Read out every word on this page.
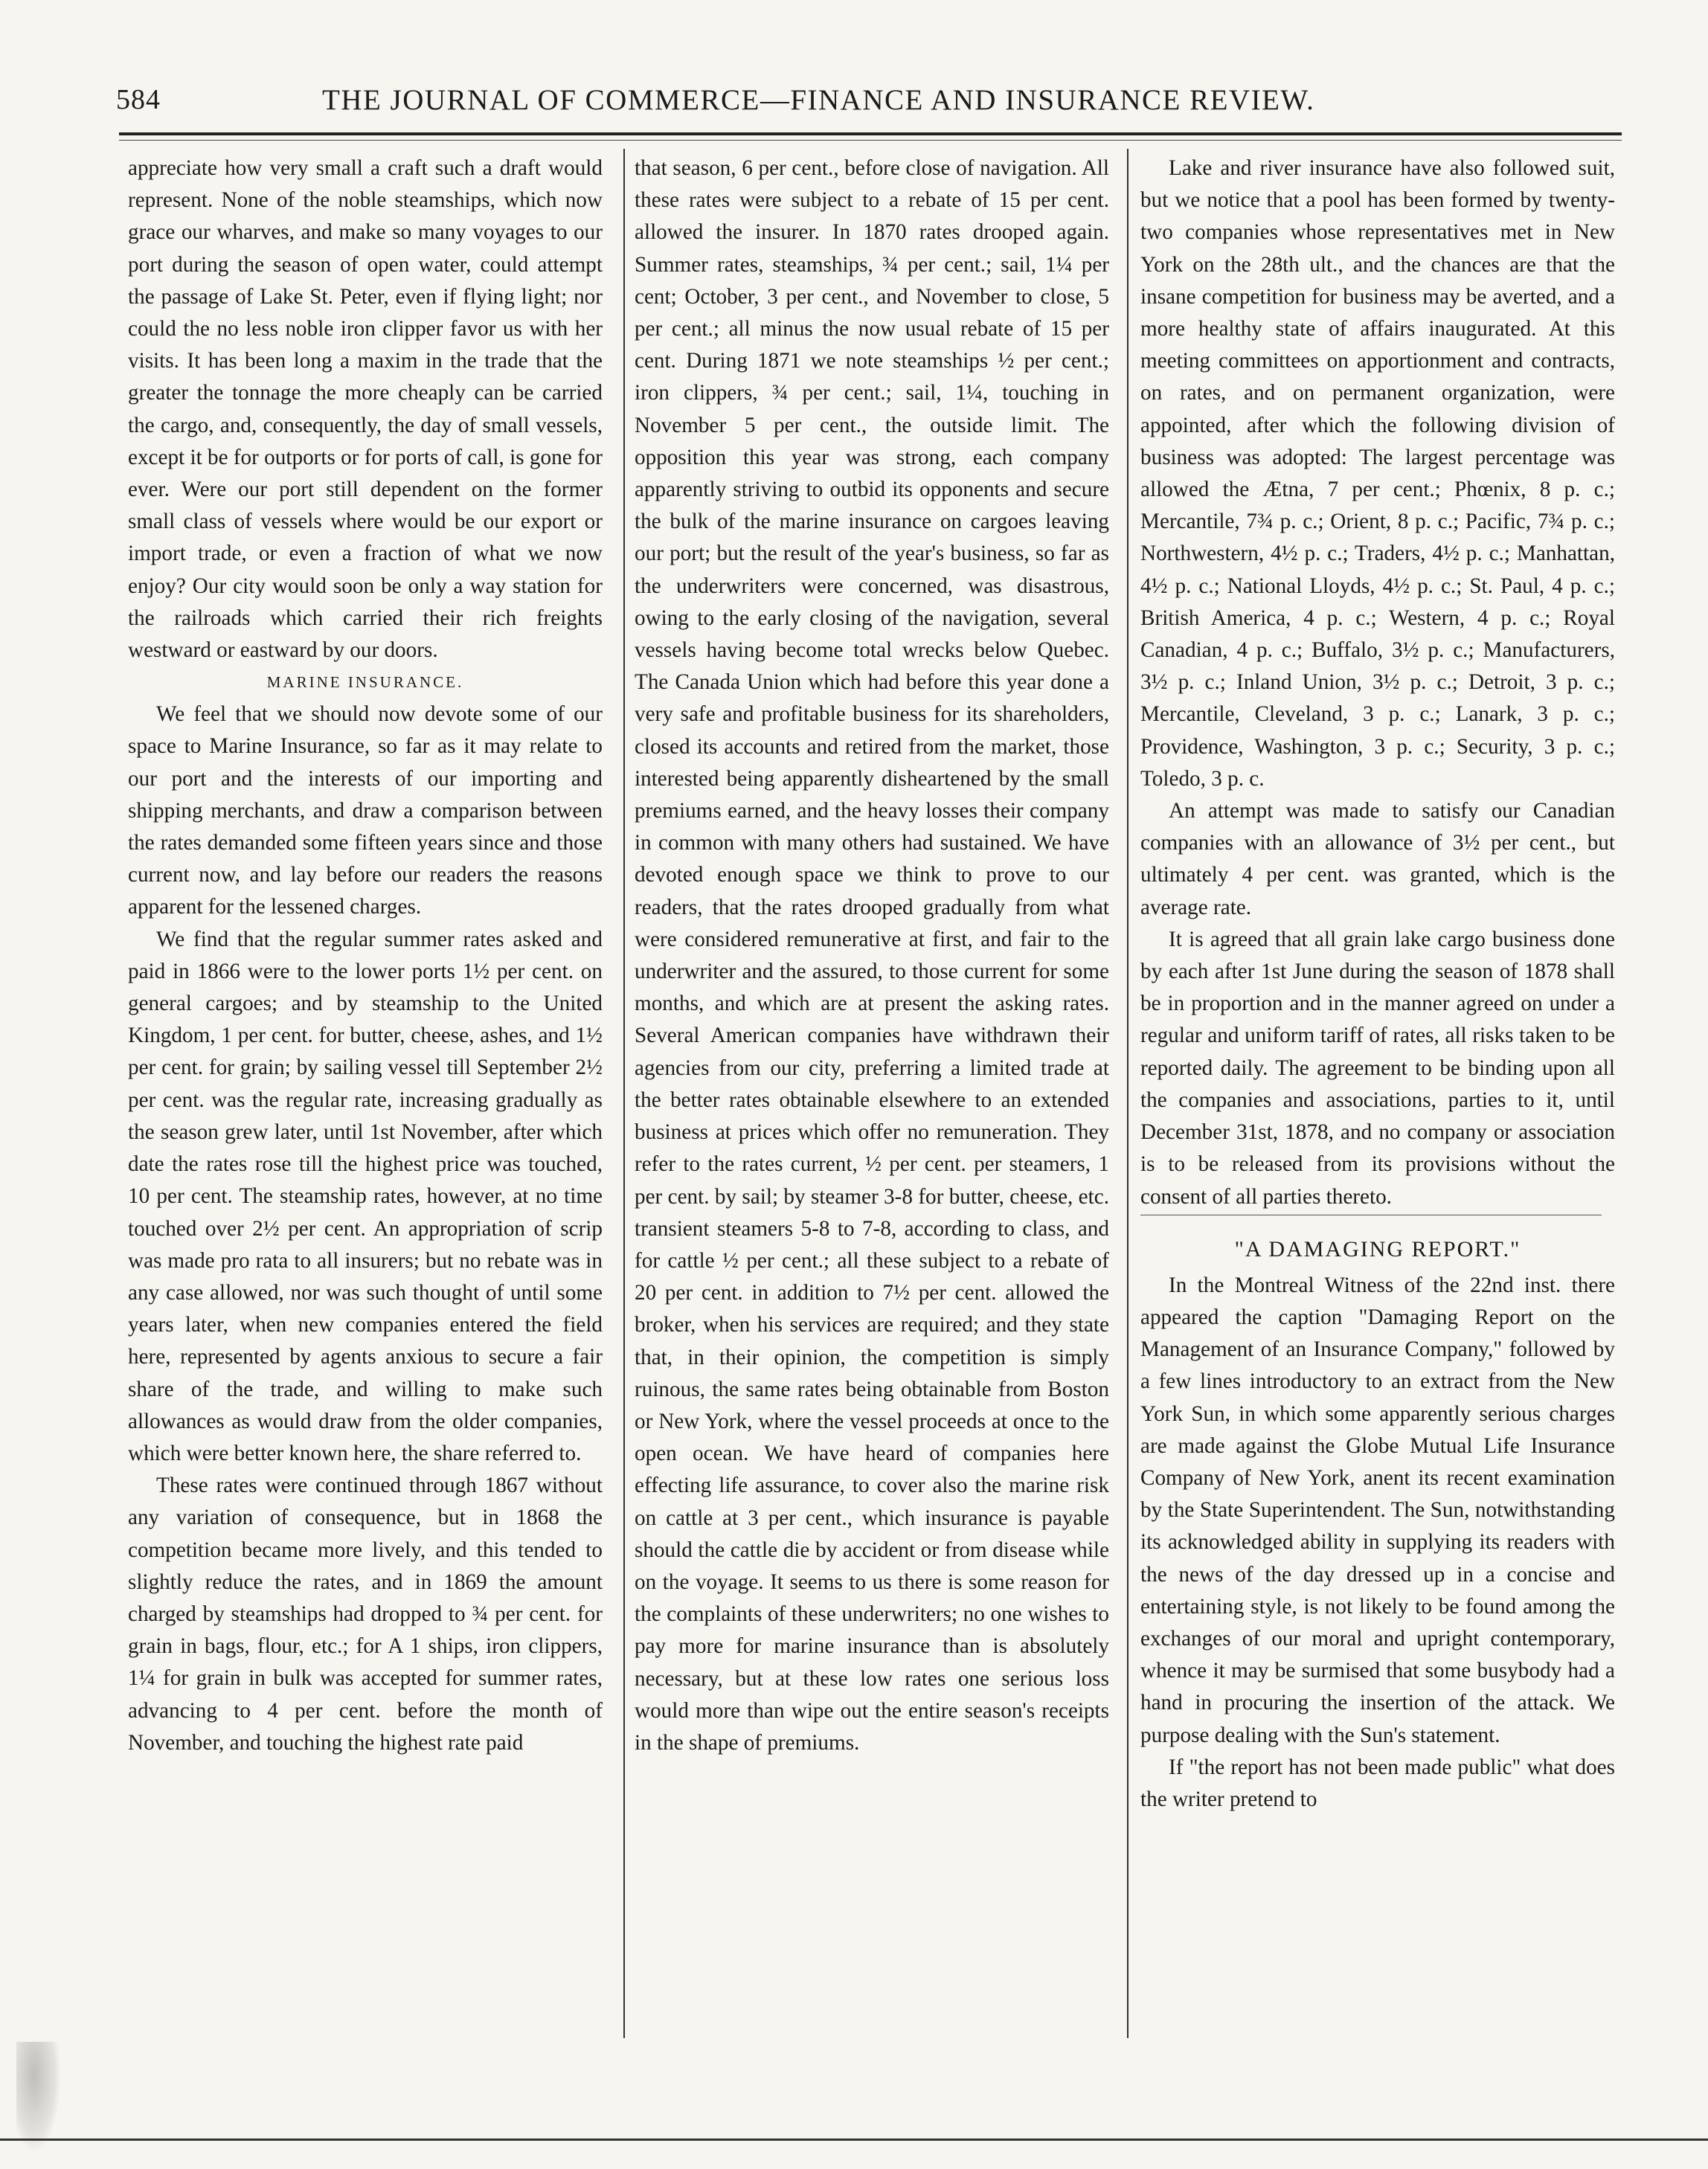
584	THE JOURNAL OF COMMERCE—FINANCE AND INSURANCE REVIEW.

appreciate how very small a craft such a draft would represent. None of the noble steamships, which now grace our wharves, and make so many voyages to our port during the season of open water, could attempt the passage of Lake St. Peter, even if flying light; nor could the no less noble iron clipper favor us with her visits. It has been long a maxim in the trade that the greater the tonnage the more cheaply can be carried the cargo, and, consequently, the day of small vessels, except it be for outports or for ports of call, is gone for ever. Were our port still dependent on the former small class of vessels where would be our export or import trade, or even a fraction of what we now enjoy? Our city would soon be only a way station for the railroads which carried their rich freights westward or eastward by our doors.

MARINE INSURANCE.

We feel that we should now devote some of our space to Marine Insurance, so far as it may relate to our port and the interests of our importing and shipping merchants, and draw a comparison between the rates demanded some fifteen years since and those current now, and lay before our readers the reasons apparent for the lessened charges.

We find that the regular summer rates asked and paid in 1866 were to the lower ports 1½ per cent. on general cargoes; and by steamship to the United Kingdom, 1 per cent. for butter, cheese, ashes, and 1½ per cent. for grain; by sailing vessel till September 2½ per cent. was the regular rate, increasing gradually as the season grew later, until 1st November, after which date the rates rose till the highest price was touched, 10 per cent. The steamship rates, however, at no time touched over 2½ per cent. An appropriation of scrip was made pro rata to all insurers; but no rebate was in any case allowed, nor was such thought of until some years later, when new companies entered the field here, represented by agents anxious to secure a fair share of the trade, and willing to make such allowances as would draw from the older companies, which were better known here, the share referred to.

These rates were continued through 1867 without any variation of consequence, but in 1868 the competition became more lively, and this tended to slightly reduce the rates, and in 1869 the amount charged by steamships had dropped to ¾ per cent. for grain in bags, flour, etc.; for A 1 ships, iron clippers, 1¼ for grain in bulk was accepted for summer rates, advancing to 4 per cent. before the month of November, and touching the highest rate paid

that season, 6 per cent., before close of navigation. All these rates were subject to a rebate of 15 per cent. allowed the insurer. In 1870 rates drooped again. Summer rates, steamships, ¾ per cent.; sail, 1¼ per cent; October, 3 per cent., and November to close, 5 per cent.; all minus the now usual rebate of 15 per cent. During 1871 we note steamships ½ per cent.; iron clippers, ¾ per cent.; sail, 1¼, touching in November 5 per cent., the outside limit. The opposition this year was strong, each company apparently striving to outbid its opponents and secure the bulk of the marine insurance on cargoes leaving our port; but the result of the year's business, so far as the underwriters were concerned, was disastrous, owing to the early closing of the navigation, several vessels having become total wrecks below Quebec. The Canada Union which had before this year done a very safe and profitable business for its shareholders, closed its accounts and retired from the market, those interested being apparently disheartened by the small premiums earned, and the heavy losses their company in common with many others had sustained. We have devoted enough space we think to prove to our readers, that the rates drooped gradually from what were considered remunerative at first, and fair to the underwriter and the assured, to those current for some months, and which are at present the asking rates. Several American companies have withdrawn their agencies from our city, preferring a limited trade at the better rates obtainable elsewhere to an extended business at prices which offer no remuneration. They refer to the rates current, ½ per cent. per steamers, 1 per cent. by sail; by steamer 3-8 for butter, cheese, etc. transient steamers 5-8 to 7-8, according to class, and for cattle ½ per cent.; all these subject to a rebate of 20 per cent. in addition to 7½ per cent. allowed the broker, when his services are required; and they state that, in their opinion, the competition is simply ruinous, the same rates being obtainable from Boston or New York, where the vessel proceeds at once to the open ocean. We have heard of companies here effecting life assurance, to cover also the marine risk on cattle at 3 per cent., which insurance is payable should the cattle die by accident or from disease while on the voyage. It seems to us there is some reason for the complaints of these underwriters; no one wishes to pay more for marine insurance than is absolutely necessary, but at these low rates one serious loss would more than wipe out the entire season's receipts in the shape of premiums.

Lake and river insurance have also followed suit, but we notice that a pool has been formed by twenty-two companies whose representatives met in New York on the 28th ult., and the chances are that the insane competition for business may be averted, and a more healthy state of affairs inaugurated. At this meeting committees on apportionment and contracts, on rates, and on permanent organization, were appointed, after which the following division of business was adopted: The largest percentage was allowed the Ætna, 7 per cent.; Phœnix, 8 p. c.; Mercantile, 7¾ p. c.; Orient, 8 p. c.; Pacific, 7¾ p. c.; Northwestern, 4½ p. c.; Traders, 4½ p. c.; Manhattan, 4½ p. c.; National Lloyds, 4½ p. c.; St. Paul, 4 p. c.; British America, 4 p. c.; Western, 4 p. c.; Royal Canadian, 4 p. c.; Buffalo, 3½ p. c.; Manufacturers, 3½ p. c.; Inland Union, 3½ p. c.; Detroit, 3 p. c.; Mercantile, Cleveland, 3 p. c.; Lanark, 3 p. c.; Providence, Washington, 3 p. c.; Security, 3 p. c.; Toledo, 3 p. c.

An attempt was made to satisfy our Canadian companies with an allowance of 3½ per cent., but ultimately 4 per cent. was granted, which is the average rate.

It is agreed that all grain lake cargo business done by each after 1st June during the season of 1878 shall be in proportion and in the manner agreed on under a regular and uniform tariff of rates, all risks taken to be reported daily. The agreement to be binding upon all the companies and associations, parties to it, until December 31st, 1878, and no company or association is to be released from its provisions without the consent of all parties thereto.

"A DAMAGING REPORT."

In the Montreal Witness of the 22nd inst. there appeared the caption "Damaging Report on the Management of an Insurance Company," followed by a few lines introductory to an extract from the New York Sun, in which some apparently serious charges are made against the Globe Mutual Life Insurance Company of New York, anent its recent examination by the State Superintendent. The Sun, notwithstanding its acknowledged ability in supplying its readers with the news of the day dressed up in a concise and entertaining style, is not likely to be found among the exchanges of our moral and upright contemporary, whence it may be surmised that some busybody had a hand in procuring the insertion of the attack. We purpose dealing with the Sun's statement.

If "the report has not been made public" what does the writer pretend to
